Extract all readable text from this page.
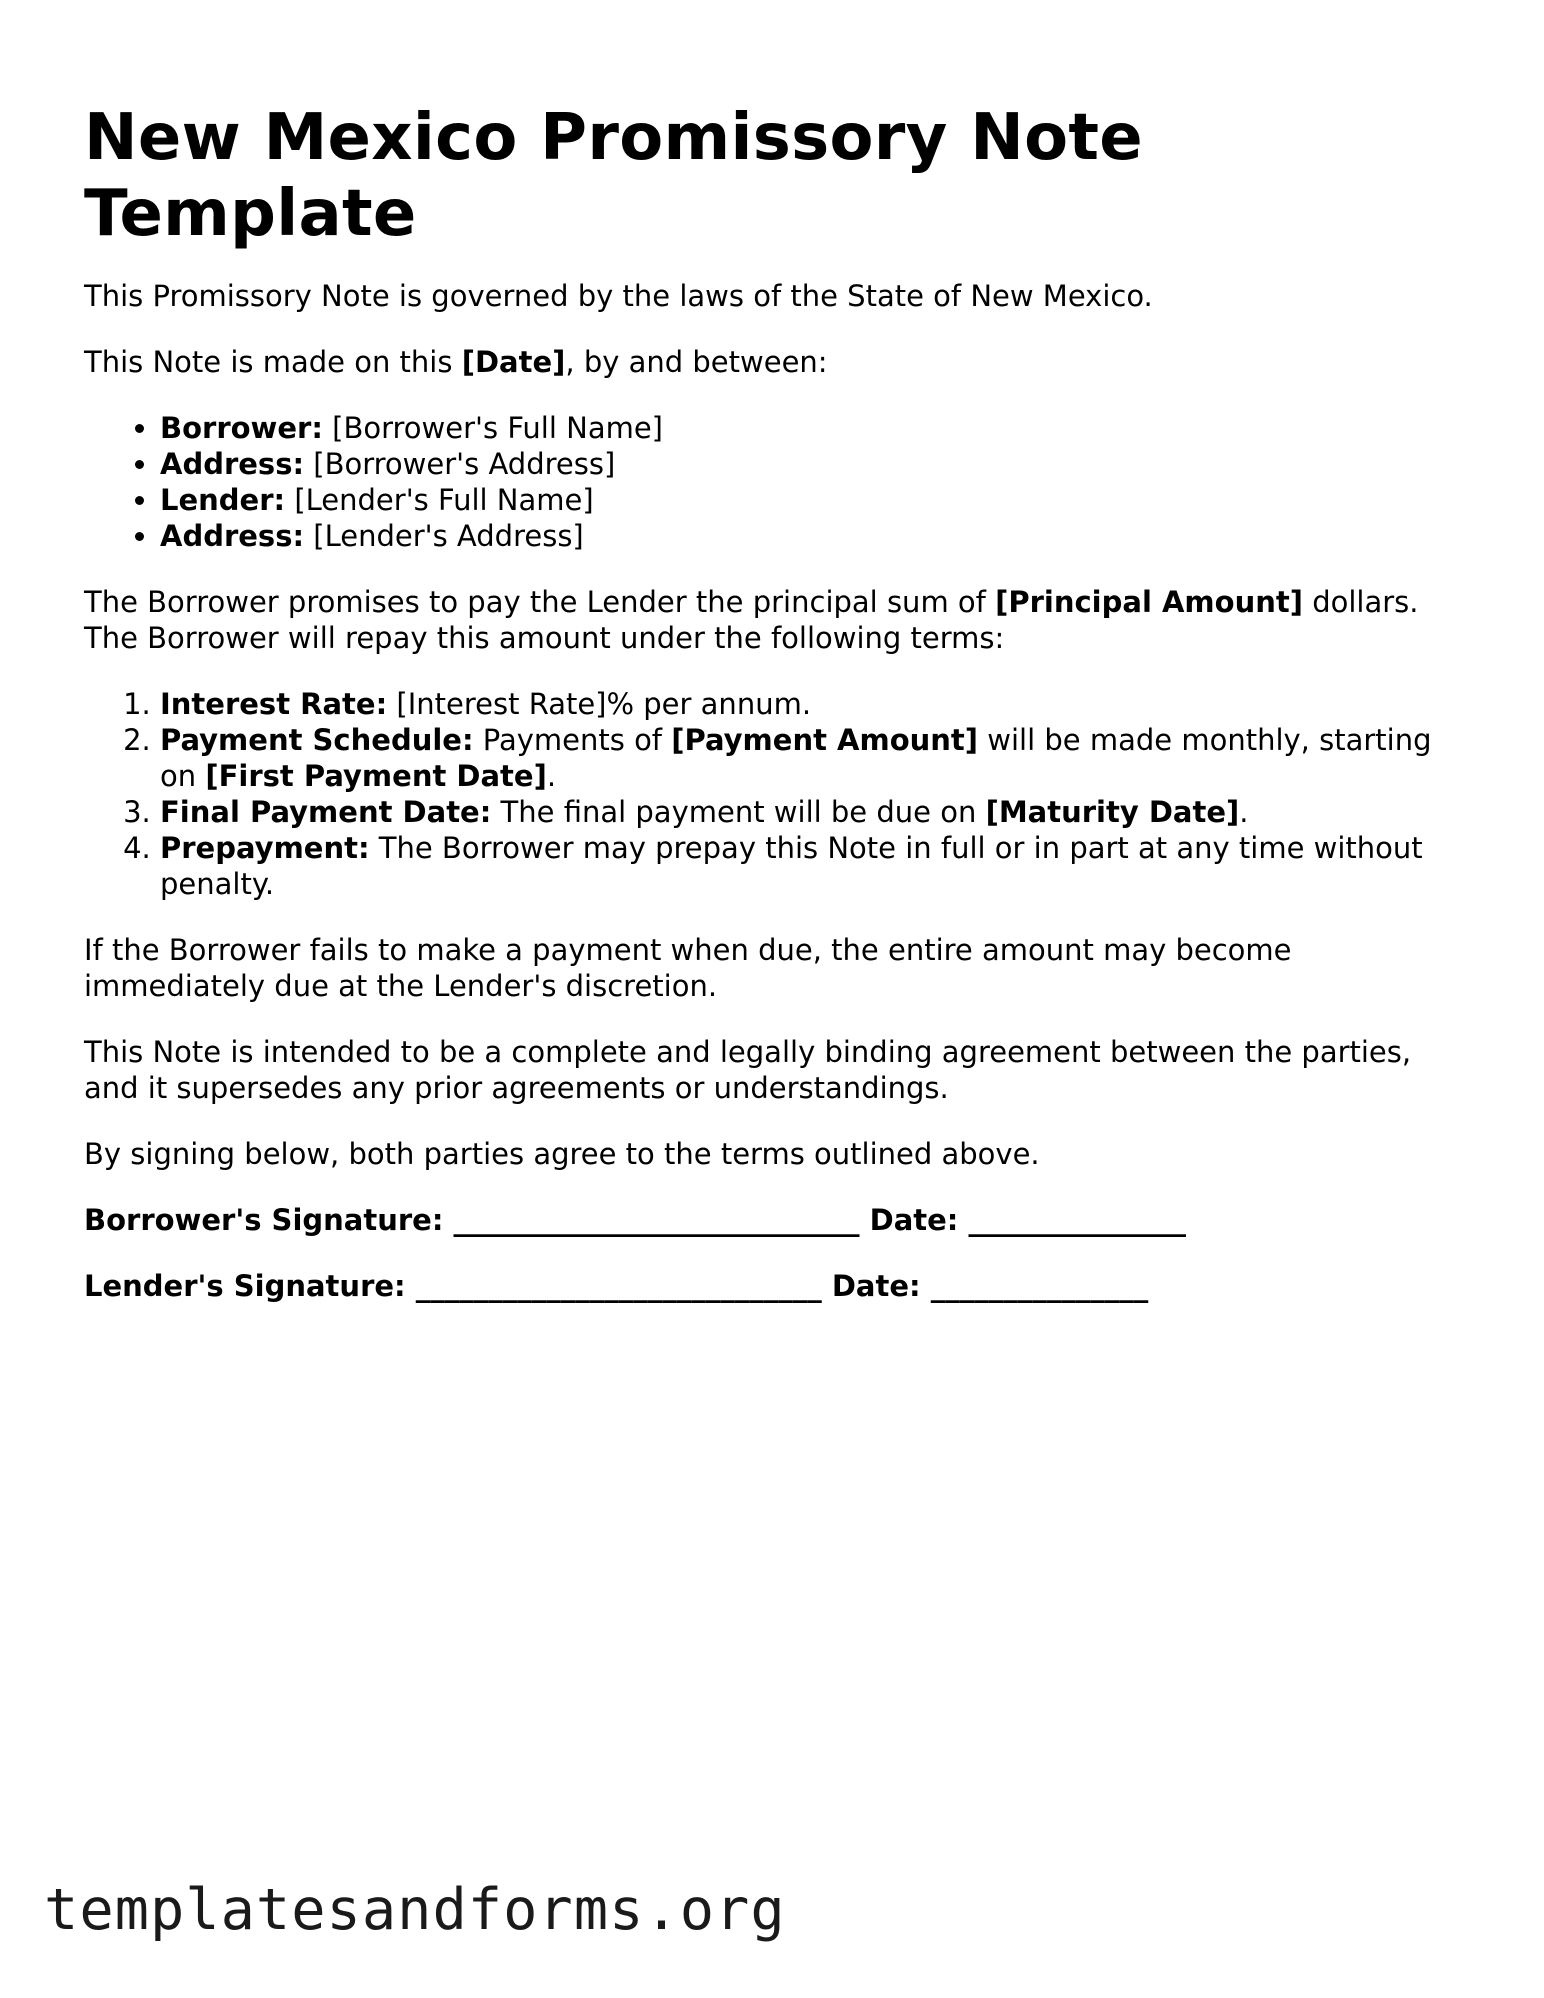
New Mexico Promissory Note Template

This Promissory Note is governed by the laws of the State of New Mexico.

This Note is made on this [Date], by and between:

• Borrower: [Borrower's Full Name]
• Address: [Borrower's Address]
• Lender: [Lender's Full Name]
• Address: [Lender's Address]

The Borrower promises to pay the Lender the principal sum of [Principal Amount] dollars. The Borrower will repay this amount under the following terms:

1. Interest Rate: [Interest Rate]% per annum.
2. Payment Schedule: Payments of [Payment Amount] will be made monthly, starting on [First Payment Date].
3. Final Payment Date: The final payment will be due on [Maturity Date].
4. Prepayment: The Borrower may prepay this Note in full or in part at any time without penalty.

If the Borrower fails to make a payment when due, the entire amount may become immediately due at the Lender's discretion.

This Note is intended to be a complete and legally binding agreement between the parties, and it supersedes any prior agreements or understandings.

By signing below, both parties agree to the terms outlined above.

Borrower's Signature: ____________________________ Date: _______________
Lender's Signature: ____________________________ Date: _______________
templatesandforms.org
